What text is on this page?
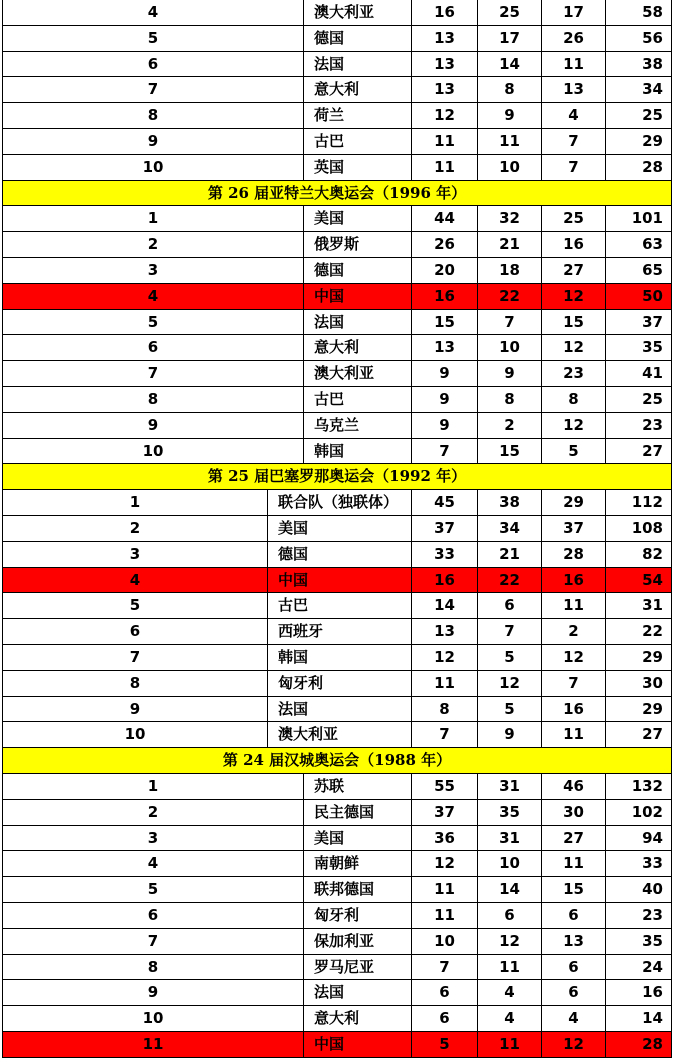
4	澳大利亚	16	25	17	58
5	德国	13	17	26	56
6	法国	13	14	11	38
7	意大利	13	8	13	34
8	荷兰	12	9	4	25
9	古巴	11	11	7	29
10	英国	11	10	7	28
第 26 届亚特兰大奥运会（1996 年）
1	美国	44	32	25	101
2	俄罗斯	26	21	16	63
3	德国	20	18	27	65
4	中国	16	22	12	50
5	法国	15	7	15	37
6	意大利	13	10	12	35
7	澳大利亚	9	9	23	41
8	古巴	9	8	8	25
9	乌克兰	9	2	12	23
10	韩国	7	15	5	27
第 25 届巴塞罗那奥运会（1992 年）
1	联合队（独联体）	45	38	29	112
2	美国	37	34	37	108
3	德国	33	21	28	82
4	中国	16	22	16	54
5	古巴	14	6	11	31
6	西班牙	13	7	2	22
7	韩国	12	5	12	29
8	匈牙利	11	12	7	30
9	法国	8	5	16	29
10	澳大利亚	7	9	11	27
第 24 届汉城奥运会（1988 年）
1	苏联	55	31	46	132
2	民主德国	37	35	30	102
3	美国	36	31	27	94
4	南朝鲜	12	10	11	33
5	联邦德国	11	14	15	40
6	匈牙利	11	6	6	23
7	保加利亚	10	12	13	35
8	罗马尼亚	7	11	6	24
9	法国	6	4	6	16
10	意大利	6	4	4	14
11	中国	5	11	12	28
